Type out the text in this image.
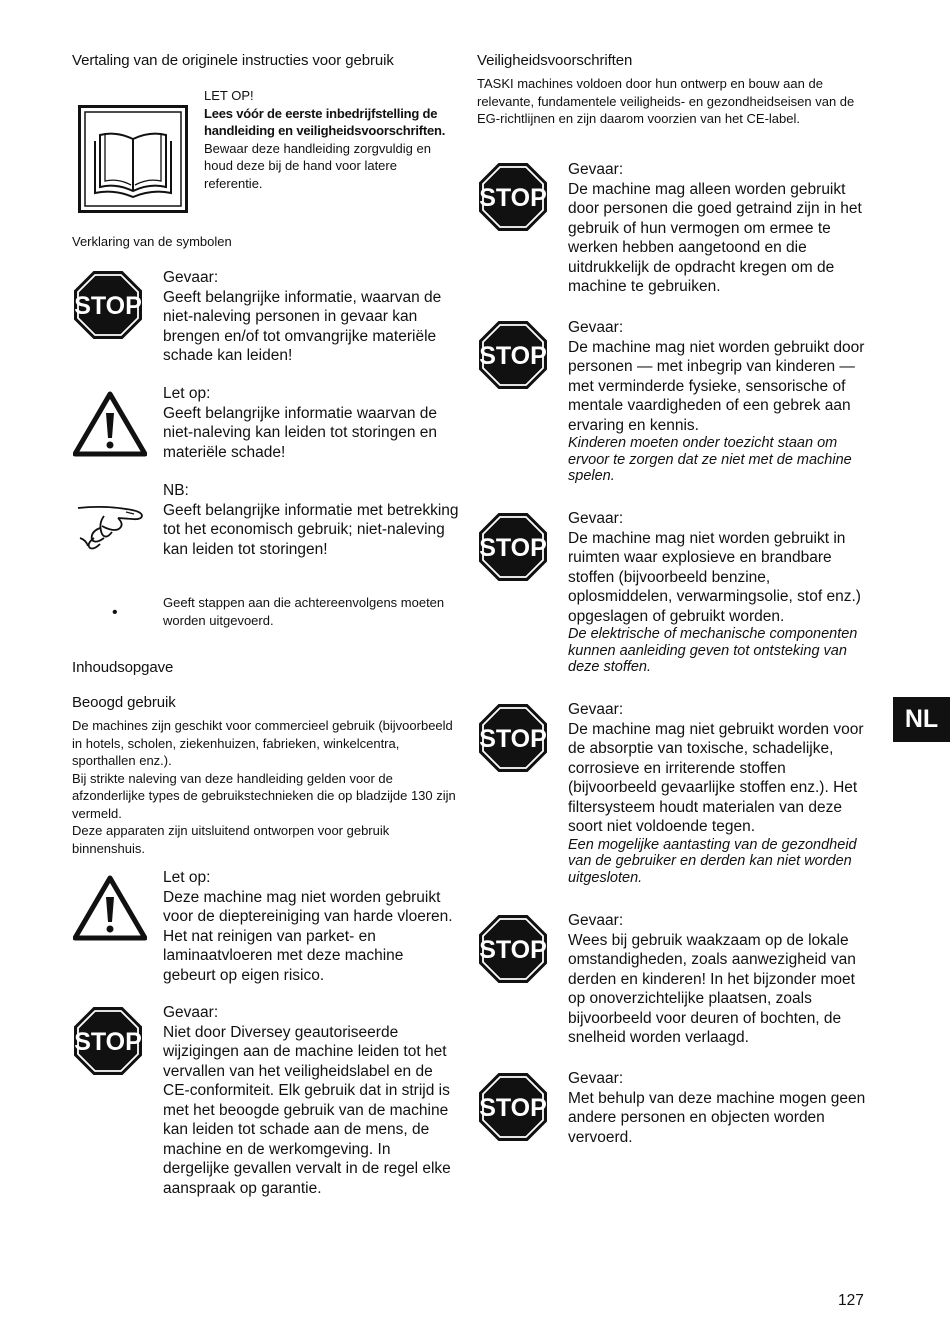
Vertaling van de originele instructies voor gebruik

LET OP!

Lees vóór de eerste inbedrijfstelling de handleiding en veiligheidsvoorschriften.

Bewaar deze handleiding zorgvuldig en houd deze bij de hand voor latere referentie.

Verklaring van de symbolen
STOP

Gevaar:

Geeft belangrijke informatie, waarvan de niet-naleving personen in gevaar kan brengen en/of tot omvangrijke materiële schade kan leiden!

Let op:

Geeft belangrijke informatie waarvan de niet-naleving kan leiden tot storingen en materiële schade!

NB:

Geeft belangrijke informatie met betrekking tot het economisch gebruik; niet-naleving kan leiden tot storingen!

•
Geeft stappen aan die achtereenvolgens moeten worden uitgevoerd.
Inhoudsopgave
Beoogd gebruik

De machines zijn geschikt voor commercieel gebruik (bijvoorbeeld in hotels, scholen, ziekenhuizen, fabrieken, winkelcentra, sporthallen enz.).

Bij strikte naleving van deze handleiding gelden voor de afzonderlijke types de gebruikstechnieken die op bladzijde 130 zijn vermeld.

Deze apparaten zijn uitsluitend ontworpen voor gebruik binnenshuis.

Let op:

Deze machine mag niet worden gebruikt voor de dieptereiniging van harde vloeren. Het nat reinigen van parket- en laminaatvloeren met deze machine gebeurt op eigen risico.

STOP

Gevaar:

Niet door Diversey geautoriseerde wijzigingen aan de machine leiden tot het vervallen van het veiligheidslabel en de CE-conformiteit. Elk gebruik dat in strijd is met het beoogde gebruik van de machine kan leiden tot schade aan de mens, de machine en de werkomgeving. In dergelijke gevallen vervalt in de regel elke aanspraak op garantie.

Veiligheidsvoorschriften
TASKI machines voldoen door hun ontwerp en bouw aan de relevante, fundamentele veiligheids- en gezondheidseisen van de EG-richtlijnen en zijn daarom voorzien van het CE-label.
STOP

Gevaar:

De machine mag alleen worden gebruikt door personen die goed getraind zijn in het gebruik of hun vermogen om ermee te werken hebben aangetoond en die uitdrukkelijk de opdracht kregen om de machine te gebruiken.

STOP

Gevaar:

De machine mag niet worden gebruikt door personen — met inbegrip van kinderen — met verminderde fysieke, sensorische of mentale vaardigheden of een gebrek aan ervaring en kennis.

Kinderen moeten onder toezicht staan om ervoor te zorgen dat ze niet met de machine spelen.

STOP

Gevaar:

De machine mag niet worden gebruikt in ruimten waar explosieve en brandbare stoffen (bijvoorbeeld benzine, oplosmiddelen, verwarmingsolie, stof enz.) opgeslagen of gebruikt worden.

De elektrische of mechanische componenten kunnen aanleiding geven tot ontsteking van deze stoffen.

STOP

Gevaar:

De machine mag niet gebruikt worden voor de absorptie van toxische, schadelijke, corrosieve en irriterende stoffen (bijvoorbeeld gevaarlijke stoffen enz.). Het filtersysteem houdt materialen van deze soort niet voldoende tegen.

Een mogelijke aantasting van de gezondheid van de gebruiker en derden kan niet worden uitgesloten.

STOP

Gevaar:

Wees bij gebruik waakzaam op de lokale omstandigheden, zoals aanwezigheid van derden en kinderen! In het bijzonder moet op onoverzichtelijke plaatsen, zoals bijvoorbeeld voor deuren of bochten, de snelheid worden verlaagd.

STOP

Gevaar:

Met behulp van deze machine mogen geen andere personen en objecten worden vervoerd.

NL
127
